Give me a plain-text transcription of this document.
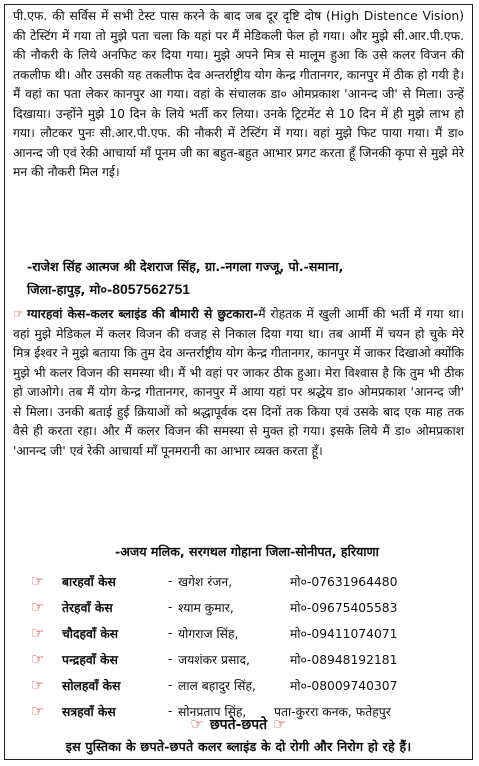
पी.एफ. की सर्विस में सभी टेस्ट पास करने के बाद जब दूर दृष्टि दोष (High Distence Vision) की टेस्टिंग में गया तो मुझे पता चला कि यहां पर मैं मेडिकली फेल हो गया। और मुझे सी.आर.पी.एफ. की नौकरी के लिये अनफिट कर दिया गया। मुझे अपने मित्र से मालूम हुआ कि उसे कलर विजन की तकलीफ थी। और उसकी यह तकलीफ देव अन्तर्राष्ट्रीय योग केन्द्र गीतानगर, कानपुर में ठीक हो गयी है। मैं वहां का पता लेकर कानपुर आ गया। वहां के संचालक डा० ओमप्रकाश 'आनन्द जी' से मिला। उन्हें दिखाया। उन्होंने मुझे 10 दिन के लिये भर्ती कर लिया। उनके ट्रिटमेंट से 10 दिन में ही मुझे लाभ हो गया। लौटकर पुनः सी.आर.पी.एफ. की नौकरी में टेस्टिंग में गया। वहां मुझे फिट पाया गया। मैं डा० आनन्द जी एवं रेकी आचार्या माँ पूनम जी का बहुत-बहुत आभार प्रगट करता हूँ जिनकी कृपा से मुझे मेरे मन की नौकरी मिल गई।
-राजेश सिंह आत्मज श्री देशराज सिंह, ग्रा.-नगला गज्जू, पो.-समाना,
जिला-हापुड़, मो०-8057562751
☞ ग्यारहवां केस-कलर ब्लाइंड की बीमारी से छुटकारा-मैं रोहतक में खुली आर्मी की भर्ती में गया था। वहां मुझे मेडिकल में कलर विजन की वजह से निकाल दिया गया था। तब आर्मी में चयन हो चुके मेरे मित्र ईश्वर ने मुझे बताया कि तुम देव अन्तर्राष्ट्रीय योग केन्द्र गीतानगर, कानपुर में जाकर दिखाओ क्योंकि मुझे भी कलर विजन की समस्या थी। मैं भी वहां पर जाकर ठीक हुआ। मेरा विश्वास है कि तुम भी ठीक हो जाओगे। तब मैं योग केन्द्र गीतानगर, कानपुर में आया यहां पर श्रद्धेय डा० ओमप्रकाश 'आनन्द जी' से मिला। उनकी बताई हुई क्रियाओं को श्रद्धापूर्वक दस दिनों तक किया एवं उसके बाद एक माह तक वैसे ही करता रहा। और मैं कलर विजन की समस्या से मुक्त हो गया। इसके लिये मैं डा० ओमप्रकाश 'आनन्द जी' एवं रेकी आचार्या माँ पूनमरानी का आभार व्यक्त करता हूँ।
-अजय मलिक, सरगथल गोहाना जिला-सोनीपत, हरियाणा
☞	बारहवाँ केस	- खगेश रंजन,	मो०-07631964480
☞	तेरहवाँ केस	- श्याम कुमार,	मो०-09675405583
☞	चौदहवाँ केस	- योगराज सिंह,	मो०-09411074071
☞	पन्द्रहवाँ केस	- जयशंकर प्रसाद,	मो०-08948192181
☞	सोलहवाँ केस	- लाल बहादुर सिंह,	मो०-08009740307
☞	सत्रहवाँ केस	- सोनप्रताप सिंह,	पता-कुररा कनक, फतेहपुर
☞ छपते-छपते ☞
इस पुस्तिका के छपते-छपते कलर ब्लाइंड के दो रोगी और निरोग हो रहे हैं।
